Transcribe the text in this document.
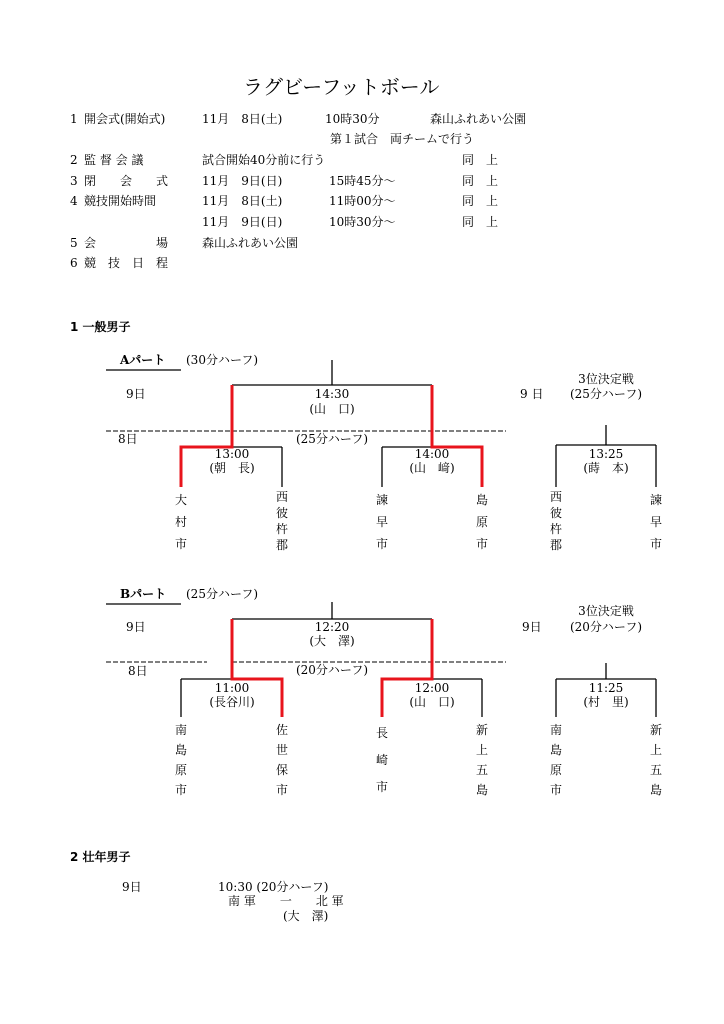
ラグビーフットボール
1 開会式(開始式)	11月　8日(土)	10時30分	森山ふれあい公園
第１試合　両チームで行う
2 監 督 会 議	試合開始40分前に行う	同　上
3 閉　　会　　式	11月　9日(日)	15時45分～	同　上
4 競技開始時間	11月　8日(土)	11時00分～	同　上
11月　9日(日)	10時30分～	同　上
5 会　　　　　場	森山ふれあい公園
6 競　技　日　程
1 一般男子
Aパート (30分ハーフ)
9日	14:30
(山　口)
8日	(25分ハーフ)
13:00
(朝　長)
14:00
(山　﨑)
大村市
西彼杵郡
諫早市
島原市
3位決定戦
9 日 (25分ハーフ)
13:25
(蒔　本)
西彼杵郡
諫早市
Bパート (25分ハーフ)
9日	12:20
(大　澤)
8日	(20分ハーフ)
11:00
(長谷川)
12:00
(山　口)
南島原市
佐世保市
長崎市
新上五島
3位決定戦
9日 (20分ハーフ)
11:25
(村　里)
南島原市
新上五島
2 壮年男子
9日	10:30 (20分ハーフ)
南 軍　　一　　北 軍
(大　澤)
